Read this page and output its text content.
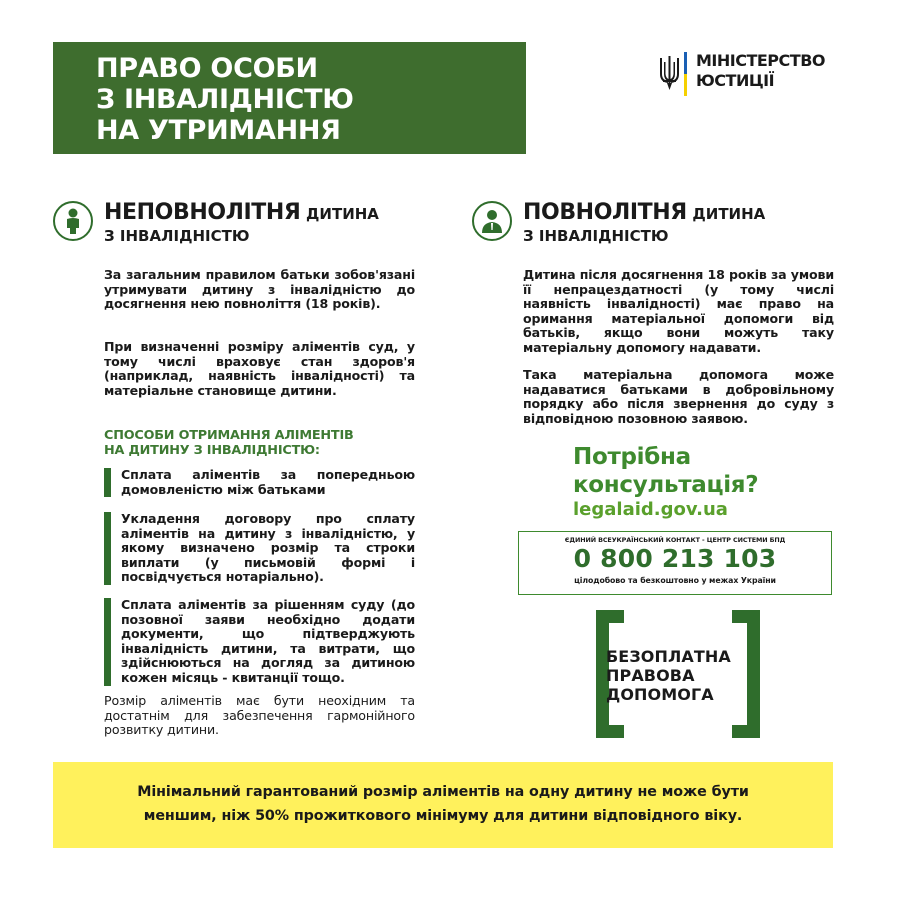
ПРАВО ОСОБИ
З ІНВАЛІДНІСТЮ
НА УТРИМАННЯ
МІНІСТЕРСТВО
ЮСТИЦІЇ
НЕПОВНОЛІТНЯ ДИТИНА
З ІНВАЛІДНІСТЮ
За загальним правилом батьки зобов'язані утримувати дитину з інвалідністю до досягнення нею повноліття (18 років).
При визначенні розміру аліментів суд, у тому числі враховує стан здоров'я (наприклад, наявність інвалідності) та матеріальне становище дитини.
СПОСОБИ ОТРИМАННЯ АЛІМЕНТІВ
НА ДИТИНУ З ІНВАЛІДНІСТЮ:
Сплата аліментів за попередньою домовленістю між батьками
Укладення договору про сплату аліментів на дитину з інвалідністю, у якому визначено розмір та строки виплати (у письмовій формі і посвідчується нотаріально).
Сплата аліментів за рішенням суду (до позовної заяви необхідно додати документи, що підтверджують інвалідність дитини, та витрати, що здійснюються на догляд за дитиною кожен місяць - квитанції тощо.
Розмір аліментів має бути неохідним та достатнім для забезпечення гармонійного розвитку дитини.
ПОВНОЛІТНЯ ДИТИНА
З ІНВАЛІДНІСТЮ
Дитина після досягнення 18 років за умови її непрацездатності (у тому числі наявність інвалідності) має право на оримання матеріальної допомоги від батьків, якщо вони можуть таку матеріальну допомогу надавати.
Така матеріальна допомога може надаватися батьками в добровільному порядку або після звернення до суду з відповідною позовною заявою.
Потрібна
консультація?
legalaid.gov.ua
ЄДИНИЙ ВСЕУКРАЇНСЬКИЙ КОНТАКТ - ЦЕНТР СИСТЕМИ БПД
0 800 213 103
цілодобово та безкоштовно у межах України
БЕЗОПЛАТНА
ПРАВОВА
ДОПОМОГА

Мінімальний гарантований розмір аліментів на одну дитину не може бути
меншим, ніж 50% прожиткового мінімуму для дитини відповідного віку.
